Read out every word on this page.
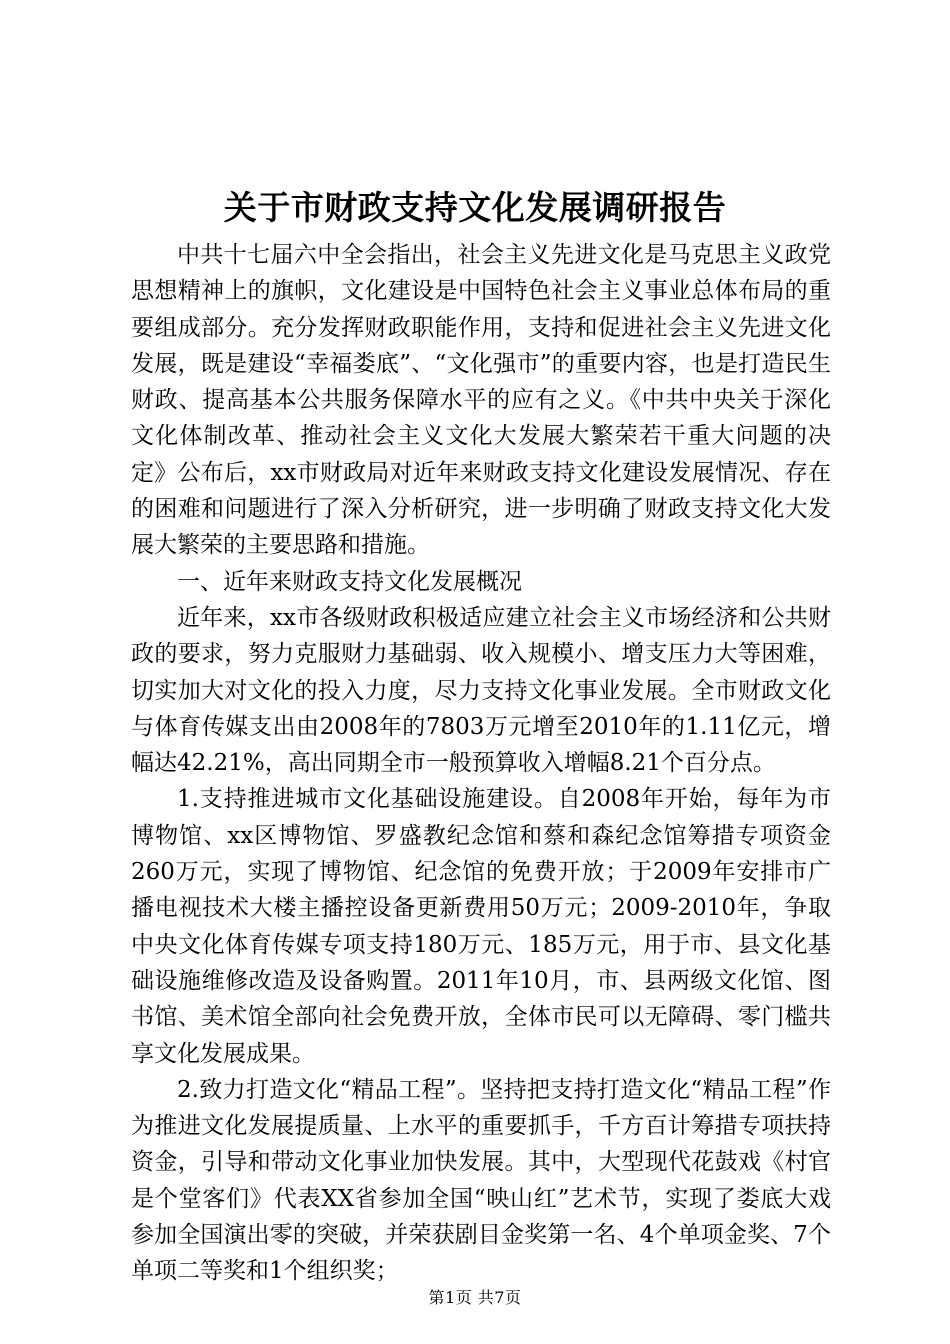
关于市财政支持文化发展调研报告

中共十七届六中全会指出，社会主义先进文化是马克思主义政党思想精神上的旗帜，文化建设是中国特色社会主义事业总体布局的重要组成部分。充分发挥财政职能作用，支持和促进社会主义先进文化发展，既是建设“幸福娄底”、“文化强市”的重要内容，也是打造民生财政、提高基本公共服务保障水平的应有之义。《中共中央关于深化文化体制改革、推动社会主义文化大发展大繁荣若干重大问题的决定》公布后，xx市财政局对近年来财政支持文化建设发展情况、存在的困难和问题进行了深入分析研究，进一步明确了财政支持文化大发展大繁荣的主要思路和措施。

一、近年来财政支持文化发展概况

近年来，xx市各级财政积极适应建立社会主义市场经济和公共财政的要求，努力克服财力基础弱、收入规模小、增支压力大等困难，切实加大对文化的投入力度，尽力支持文化事业发展。全市财政文化与体育传媒支出由2008年的7803万元增至2010年的1.11亿元，增幅达42.21%，高出同期全市一般预算收入增幅8.21个百分点。

1.支持推进城市文化基础设施建设。自2008年开始，每年为市博物馆、xx区博物馆、罗盛教纪念馆和蔡和森纪念馆筹措专项资金260万元，实现了博物馆、纪念馆的免费开放；于2009年安排市广播电视技术大楼主播控设备更新费用50万元；2009-2010年，争取中央文化体育传媒专项支持180万元、185万元，用于市、县文化基础设施维修改造及设备购置。2011年10月，市、县两级文化馆、图书馆、美术馆全部向社会免费开放，全体市民可以无障碍、零门槛共享文化发展成果。

2.致力打造文化“精品工程”。坚持把支持打造文化“精品工程”作为推进文化发展提质量、上水平的重要抓手，千方百计筹措专项扶持资金，引导和带动文化事业加快发展。其中，大型现代花鼓戏《村官是个堂客们》代表XX省参加全国“映山红”艺术节，实现了娄底大戏参加全国演出零的突破，并荣获剧目金奖第一名、4个单项金奖、7个单项二等奖和1个组织奖；

第1页 共7页
